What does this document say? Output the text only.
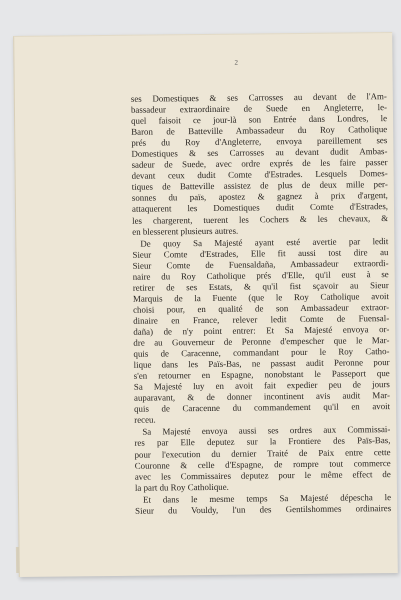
2
ses Domestiques & ses Carrosses au devant de l'Am-
bassadeur extraordinaire de Suede en Angleterre, le-
quel faisoit ce jour-là son Entrée dans Londres, le
Baron de Batteville Ambassadeur du Roy Catholique
prés du Roy d'Angleterre, envoya pareillement ses
Domestiques & ses Carrosses au devant dudit Ambas-
sadeur de Suede, avec ordre exprés de les faire passer
devant ceux dudit Comte d'Estrades. Lesquels Domes-
tiques de Batteville assistez de plus de deux mille per-
sonnes du païs, apostez & gagnez à prix d'argent,
attaquerent les Domestiques dudit Comte d'Estrades,
les chargerent, tuerent les Cochers & les chevaux, &
en blesserent plusieurs autres.
De quoy Sa Majesté ayant esté avertie par ledit
Sieur Comte d'Estrades, Elle fit aussi tost dire au
Sieur Comte de Fuensaldaña, Ambassadeur extraordi-
naire du Roy Catholique prés d'Elle, qu'il eust à se
retirer de ses Estats, & qu'il fist sçavoir au Sieur
Marquis de la Fuente (que le Roy Catholique avoit
choisi pour, en qualité de son Ambassadeur extraor-
dinaire en France, relever ledit Comte de Fuensal-
daña) de n'y point entrer: Et Sa Majesté envoya or-
dre au Gouverneur de Peronne d'empescher que le Mar-
quis de Caracenne, commandant pour le Roy Catho-
lique dans les Païs-Bas, ne passast audit Peronne pour
s'en retourner en Espagne, nonobstant le Passeport que
Sa Majesté luy en avoit fait expedier peu de jours
auparavant, & de donner incontinent avis audit Mar-
quis de Caracenne du commandement qu'il en avoit
receu.
Sa Majesté envoya aussi ses ordres aux Commissai-
res par Elle deputez sur la Frontiere des Païs-Bas,
pour l'execution du dernier Traité de Paix entre cette
Couronne & celle d'Espagne, de rompre tout commerce
avec les Commissaires deputez pour le même effect de
la part du Roy Catholique.
Et dans le mesme temps Sa Majesté dépescha le
Sieur du Vouldy, l'un des Gentilshommes ordinaires
